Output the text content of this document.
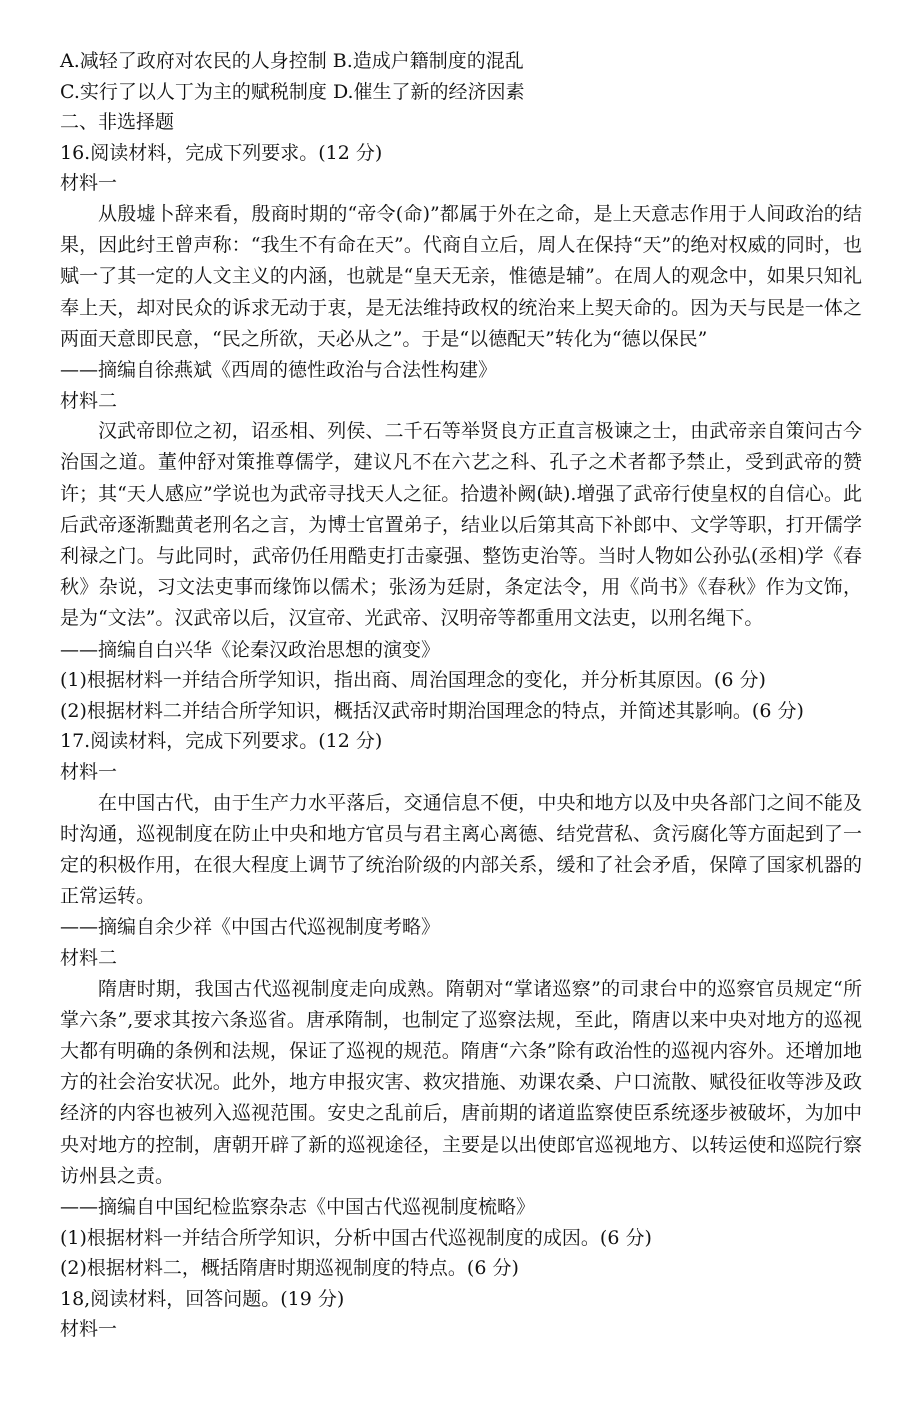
A.减轻了政府对农民的人身控制 B.造成户籍制度的混乱

C.实行了以人丁为主的赋税制度 D.催生了新的经济因素

二、非选择题

16.阅读材料，完成下列要求。(12 分)

材料一

从殷墟卜辞来看，殷商时期的“帝令(命)”都属于外在之命，是上天意志作用于人间政治的结果，因此纣王曾声称：“我生不有命在天”。代商自立后，周人在保持“天”的绝对权威的同时，也赋一了其一定的人文主义的内涵，也就是“皇天无亲，惟德是辅”。在周人的观念中，如果只知礼奉上天，却对民众的诉求无动于衷，是无法维持政权的统治来上契天命的。因为天与民是一体之两面天意即民意，“民之所欲，天必从之”。于是“以德配天”转化为“德以保民”

——摘编自徐燕斌《西周的德性政治与合法性构建》

材料二

汉武帝即位之初，诏丞相、列侯、二千石等举贤良方正直言极谏之士，由武帝亲自策问古今治国之道。董仲舒对策推尊儒学，建议凡不在六艺之科、孔子之术者都予禁止，受到武帝的赞许；其“天人感应”学说也为武帝寻找天人之征。拾遗补阙(缺).增强了武帝行使皇权的自信心。此后武帝逐渐黜黄老刑名之言，为博士官置弟子，结业以后第其高下补郎中、文学等职，打开儒学利禄之门。与此同时，武帝仍任用酷吏打击豪强、整饬吏治等。当时人物如公孙弘(丞相)学《春秋》杂说，习文法吏事而缘饰以儒术；张汤为廷尉，条定法令，用《尚书》《春秋》作为文饰，是为“文法”。汉武帝以后，汉宣帝、光武帝、汉明帝等都重用文法吏，以刑名绳下。

——摘编自白兴华《论秦汉政治思想的演变》

(1)根据材料一并结合所学知识，指出商、周治国理念的变化，并分析其原因。(6 分)

(2)根据材料二并结合所学知识，概括汉武帝时期治国理念的特点，并简述其影响。(6 分)

17.阅读材料，完成下列要求。(12 分)

材料一

在中国古代，由于生产力水平落后，交通信息不便，中央和地方以及中央各部门之间不能及时沟通，巡视制度在防止中央和地方官员与君主离心离德、结党营私、贪污腐化等方面起到了一定的积极作用，在很大程度上调节了统治阶级的内部关系，缓和了社会矛盾，保障了国家机器的正常运转。

——摘编自余少祥《中国古代巡视制度考略》

材料二

隋唐时期，我国古代巡视制度走向成熟。隋朝对“掌诸巡察”的司隶台中的巡察官员规定“所掌六条”,要求其按六条巡省。唐承隋制，也制定了巡察法规，至此，隋唐以来中央对地方的巡视大都有明确的条例和法规，保证了巡视的规范。隋唐“六条”除有政治性的巡视内容外。还增加地方的社会治安状况。此外，地方申报灾害、救灾措施、劝课农桑、户口流散、赋役征收等涉及政经济的内容也被列入巡视范围。安史之乱前后，唐前期的诸道监察使臣系统逐步被破坏，为加中央对地方的控制，唐朝开辟了新的巡视途径，主要是以出使郎官巡视地方、以转运使和巡院行察访州县之责。

——摘编自中国纪检监察杂志《中国古代巡视制度梳略》

(1)根据材料一并结合所学知识，分析中国古代巡视制度的成因。(6 分)

(2)根据材料二，概括隋唐时期巡视制度的特点。(6 分)

18,阅读材料，回答问题。(19 分)

材料一
